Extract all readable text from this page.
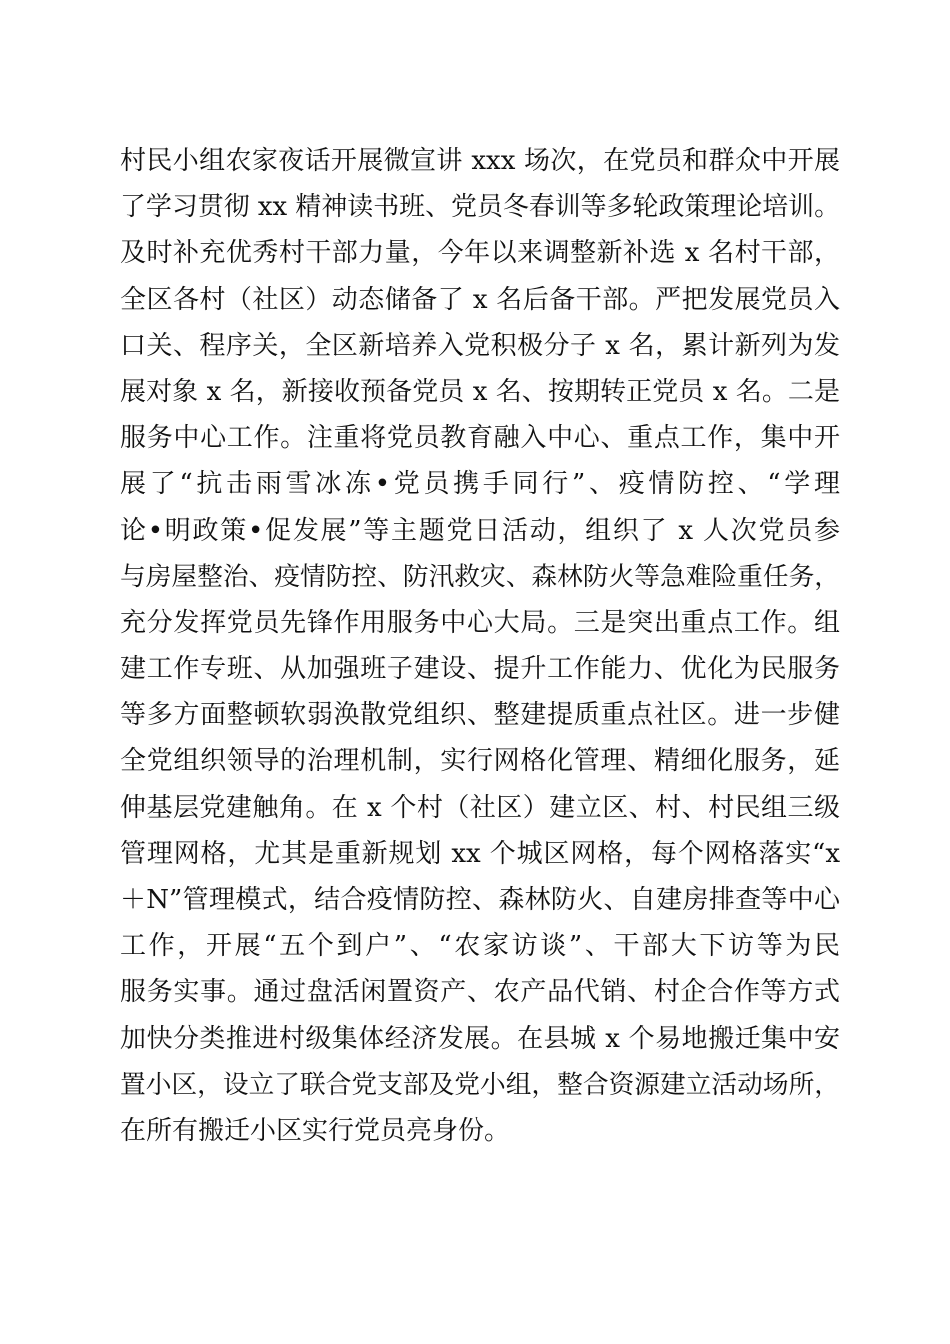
村民小组农家夜话开展微宣讲 xxx 场次，在党员和群众中开展
了学习贯彻 xx 精神读书班、党员冬春训等多轮政策理论培训。
及时补充优秀村干部力量，今年以来调整新补选 x 名村干部，
全区各村（社区）动态储备了 x 名后备干部。严把发展党员入
口关、程序关，全区新培养入党积极分子 x 名，累计新列为发
展对象 x 名，新接收预备党员 x 名、按期转正党员 x 名。二是
服务中心工作。注重将党员教育融入中心、重点工作，集中开
展了“抗击雨雪冰冻•党员携手同行”、疫情防控、“学理
论•明政策•促发展”等主题党日活动，组织了 x 人次党员参
与房屋整治、疫情防控、防汛救灾、森林防火等急难险重任务，
充分发挥党员先锋作用服务中心大局。三是突出重点工作。组
建工作专班、从加强班子建设、提升工作能力、优化为民服务
等多方面整顿软弱涣散党组织、整建提质重点社区。进一步健
全党组织领导的治理机制，实行网格化管理、精细化服务，延
伸基层党建触角。在 x 个村（社区）建立区、村、村民组三级
管理网格，尤其是重新规划 xx 个城区网格，每个网格落实“x
＋N”管理模式，结合疫情防控、森林防火、自建房排查等中心
工作，开展“五个到户”、“农家访谈”、干部大下访等为民
服务实事。通过盘活闲置资产、农产品代销、村企合作等方式
加快分类推进村级集体经济发展。在县城 x 个易地搬迁集中安
置小区，设立了联合党支部及党小组，整合资源建立活动场所，
在所有搬迁小区实行党员亮身份。
